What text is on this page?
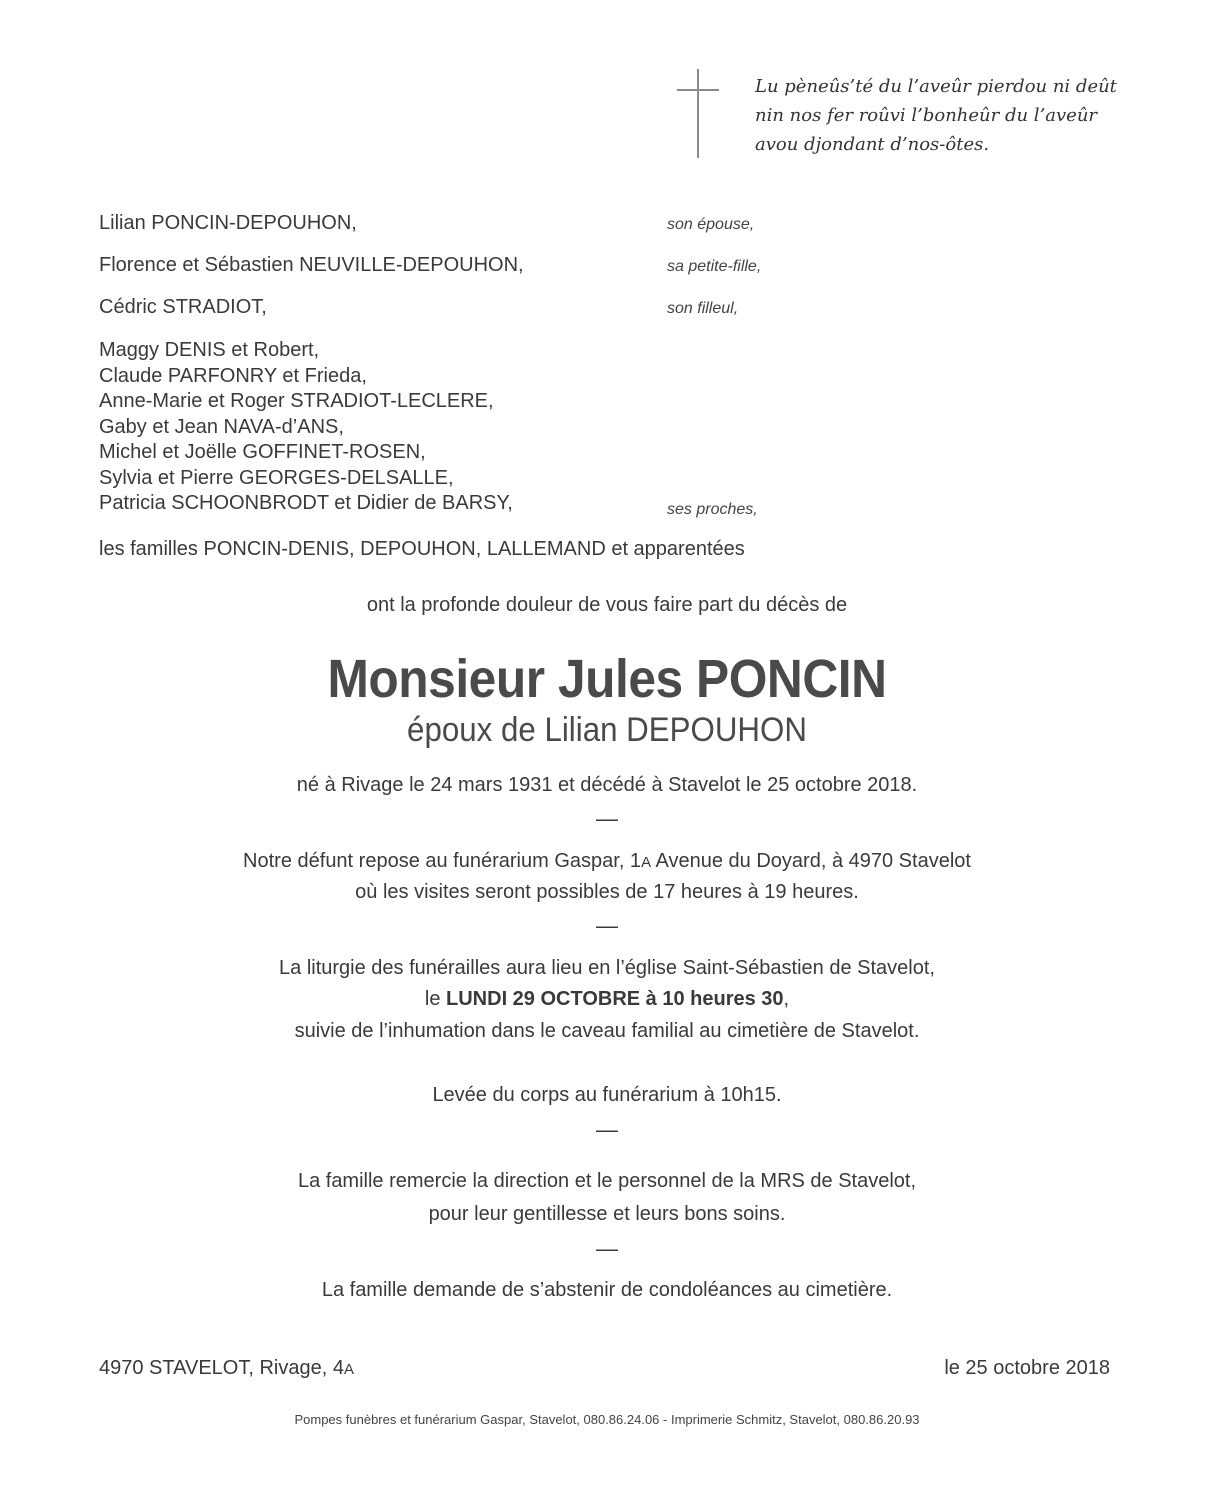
Lu pèneûs’té du l’aveûr pierdou ni deût
nin nos fer roûvi l’bonheûr du l’aveûr
avou djondant d’nos-ôtes.
Lilian PONCIN-DEPOUHON,	son épouse,
Florence et Sébastien NEUVILLE-DEPOUHON,	sa petite-fille,
Cédric STRADIOT,	son filleul,
Maggy DENIS et Robert,
Claude PARFONRY et Frieda,
Anne-Marie et Roger STRADIOT-LECLERE,
Gaby et Jean NAVA-d’ANS,
Michel et Joëlle GOFFINET-ROSEN,
Sylvia et Pierre GEORGES-DELSALLE,
Patricia SCHOONBRODT et Didier de BARSY,	ses proches,
les familles PONCIN-DENIS, DEPOUHON, LALLEMAND et apparentées
ont la profonde douleur de vous faire part du décès de
Monsieur Jules PONCIN
époux de Lilian DEPOUHON
né à Rivage le 24 mars 1931 et décédé à Stavelot le 25 octobre 2018.
—
Notre défunt repose au funérarium Gaspar, 1A Avenue du Doyard, à 4970 Stavelot
où les visites seront possibles de 17 heures à 19 heures.
—
La liturgie des funérailles aura lieu en l’église Saint-Sébastien de Stavelot,
le LUNDI 29 OCTOBRE à 10 heures 30,
suivie de l’inhumation dans le caveau familial au cimetière de Stavelot.
Levée du corps au funérarium à 10h15.
—
La famille remercie la direction et le personnel de la MRS de Stavelot,
pour leur gentillesse et leurs bons soins.
—
La famille demande de s’abstenir de condoléances au cimetière.
4970 STAVELOT, Rivage, 4A	le 25 octobre 2018
Pompes funèbres et funérarium Gaspar, Stavelot, 080.86.24.06 - Imprimerie Schmitz, Stavelot, 080.86.20.93
